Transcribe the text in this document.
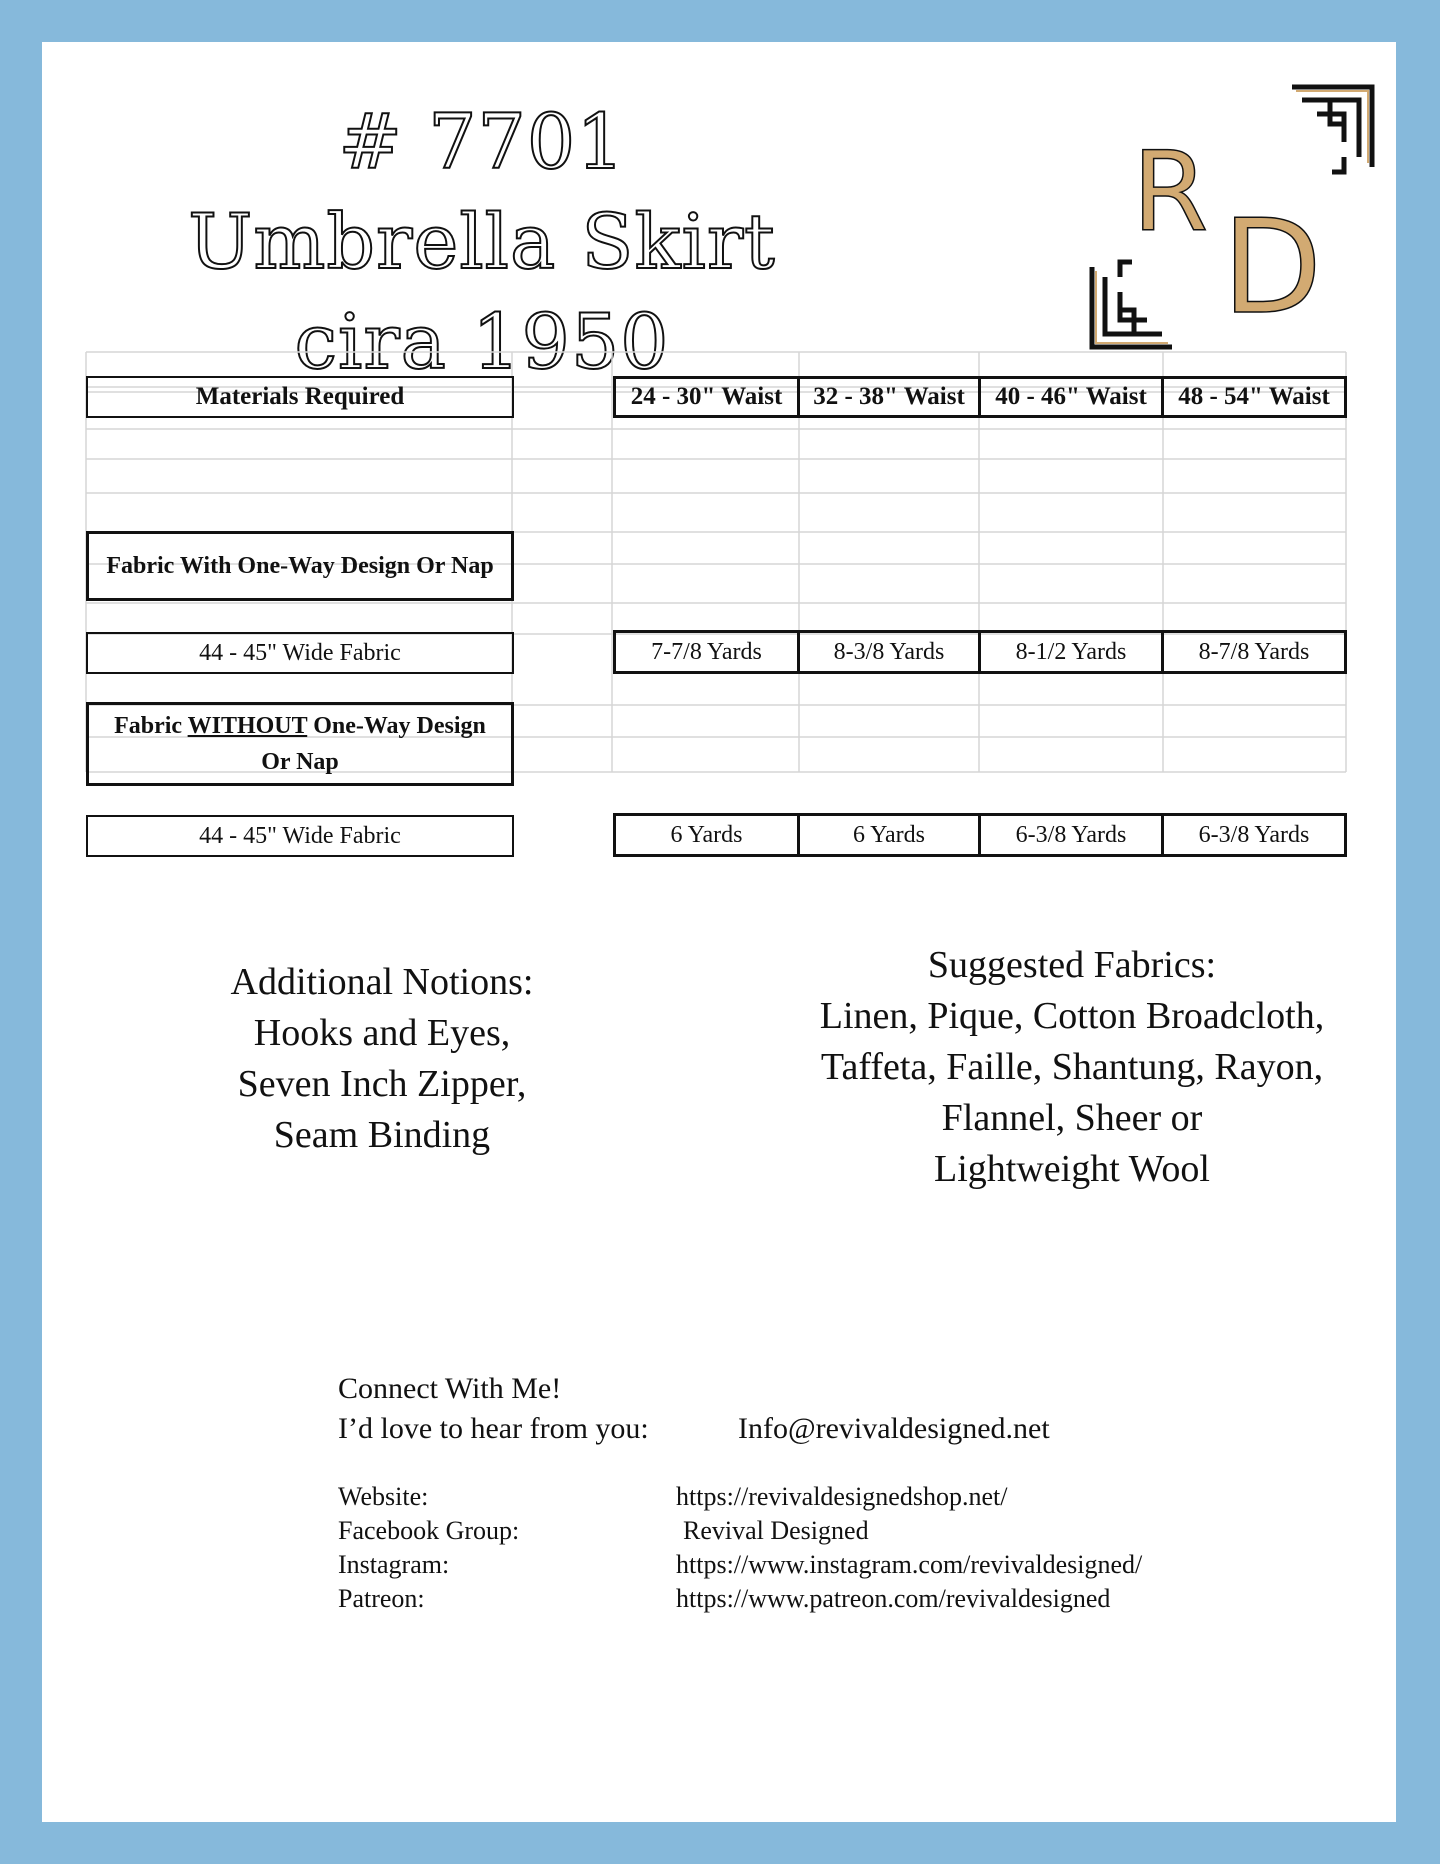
# 7701
Umbrella Skirt
cira 1950
R D
Materials Required	24 - 30" Waist	32 - 38" Waist	40 - 46" Waist	48 - 54" Waist
Fabric With One-Way Design Or Nap
44 - 45" Wide Fabric	7-7/8 Yards	8-3/8 Yards	8-1/2 Yards	8-7/8 Yards
Fabric WITHOUT One-Way Design Or Nap
44 - 45" Wide Fabric	6 Yards	6 Yards	6-3/8 Yards	6-3/8 Yards
Additional Notions:
Hooks and Eyes,
Seven Inch Zipper,
Seam Binding
Suggested Fabrics:
Linen, Pique, Cotton Broadcloth,
Taffeta, Faille, Shantung, Rayon,
Flannel, Sheer or
Lightweight Wool
Connect With Me!
I’d love to hear from you:	Info@revivaldesigned.net
Website:	https://revivaldesignedshop.net/
Facebook Group:	Revival Designed
Instagram:	https://www.instagram.com/revivaldesigned/
Patreon:	https://www.patreon.com/revivaldesigned
